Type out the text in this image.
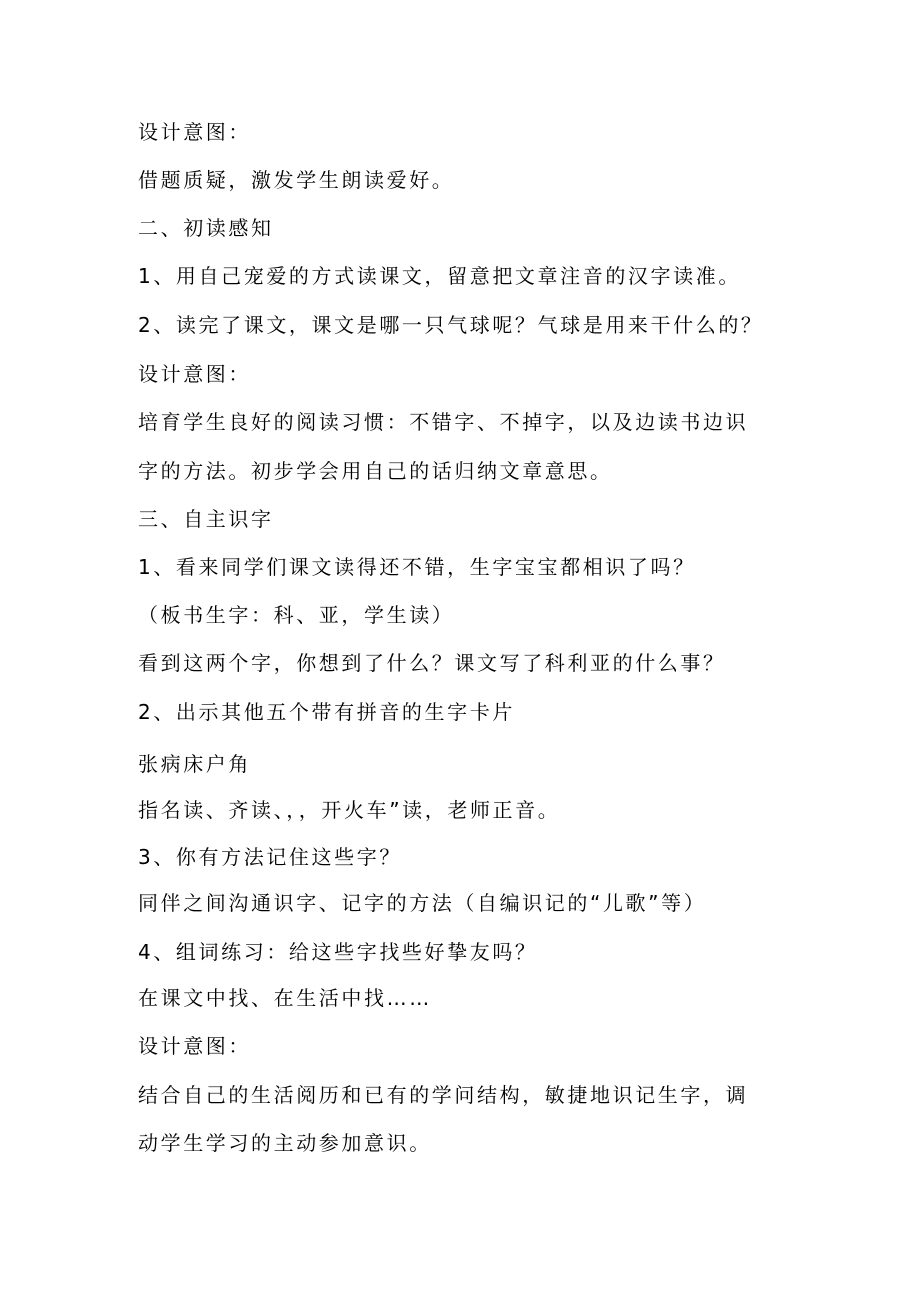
设计意图：
借题质疑，激发学生朗读爱好。
二、初读感知
1、用自己宠爱的方式读课文，留意把文章注音的汉字读准。
2、读完了课文，课文是哪一只气球呢？气球是用来干什么的？
设计意图：
培育学生良好的阅读习惯：不错字、不掉字，以及边读书边识
字的方法。初步学会用自己的话归纳文章意思。
三、自主识字
1、看来同学们课文读得还不错，生字宝宝都相识了吗？
（板书生字：科、亚，学生读）
看到这两个字，你想到了什么？课文写了科利亚的什么事？
2、出示其他五个带有拼音的生字卡片
张病床户角
指名读、齐读、，，开火车”读，老师正音。
3、你有方法记住这些字？
同伴之间沟通识字、记字的方法（自编识记的“儿歌”等）
4、组词练习：给这些字找些好挚友吗？
在课文中找、在生活中找……
设计意图：
结合自己的生活阅历和已有的学问结构，敏捷地识记生字，调
动学生学习的主动参加意识。
